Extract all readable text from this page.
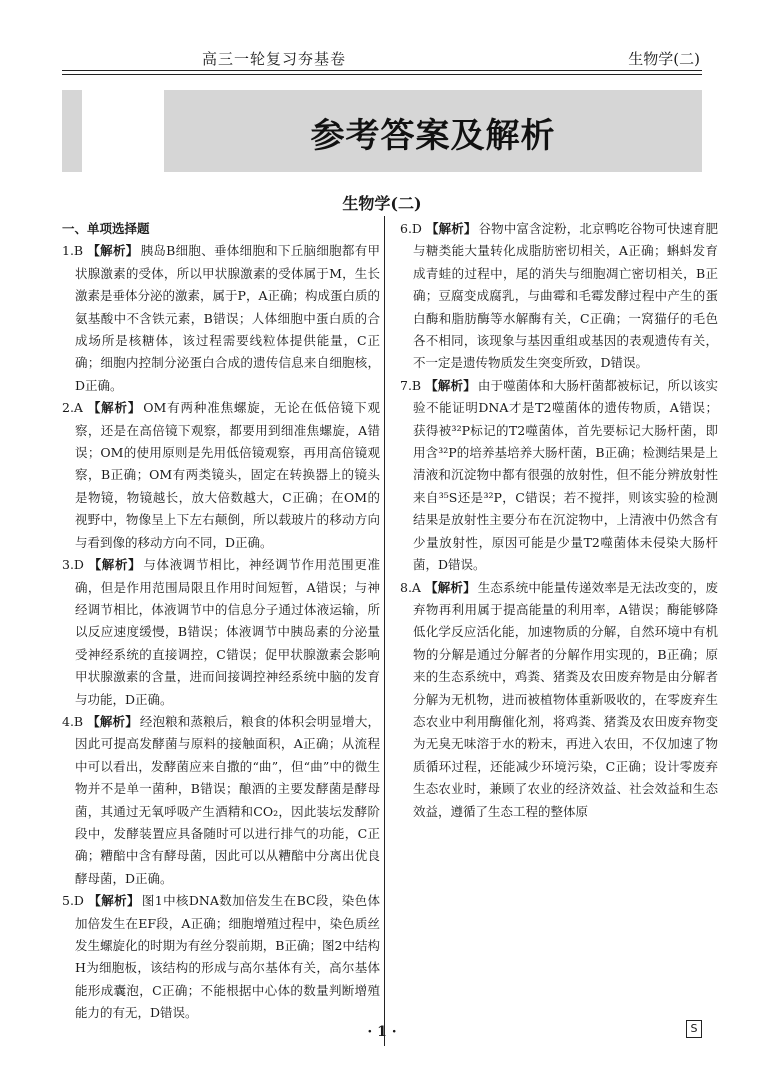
高三一轮复习夯基卷	生物学(二)
参考答案及解析
生物学(二)
一、单项选择题

1.B 【解析】 胰岛B细胞、垂体细胞和下丘脑细胞都有甲状腺激素的受体，所以甲状腺激素的受体属于M，生长激素是垂体分泌的激素，属于P，A正确；构成蛋白质的氨基酸中不含铁元素，B错误；人体细胞中蛋白质的合成场所是核糖体，该过程需要线粒体提供能量，C正确；细胞内控制分泌蛋白合成的遗传信息来自细胞核，D正确。

2.A 【解析】 OM有两种准焦螺旋，无论在低倍镜下观察，还是在高倍镜下观察，都要用到细准焦螺旋，A错误；OM的使用原则是先用低倍镜观察，再用高倍镜观察，B正确；OM有两类镜头，固定在转换器上的镜头是物镜，物镜越长，放大倍数越大，C正确；在OM的视野中，物像呈上下左右颠倒，所以载玻片的移动方向与看到像的移动方向不同，D正确。

3.D 【解析】 与体液调节相比，神经调节作用范围更准确，但是作用范围局限且作用时间短暂，A错误；与神经调节相比，体液调节中的信息分子通过体液运输，所以反应速度缓慢，B错误；体液调节中胰岛素的分泌量受神经系统的直接调控，C错误；促甲状腺激素会影响甲状腺激素的含量，进而间接调控神经系统中脑的发育与功能，D正确。

4.B 【解析】 经泡粮和蒸粮后，粮食的体积会明显增大，因此可提高发酵菌与原料的接触面积，A正确；从流程中可以看出，发酵菌应来自撒的“曲”，但“曲”中的微生物并不是单一菌种，B错误；酿酒的主要发酵菌是酵母菌，其通过无氧呼吸产生酒精和CO₂，因此装坛发酵阶段中，发酵装置应具备随时可以进行排气的功能，C正确；糟醅中含有酵母菌，因此可以从糟醅中分离出优良酵母菌，D正确。

5.D 【解析】 图1中核DNA数加倍发生在BC段，染色体加倍发生在EF段，A正确；细胞增殖过程中，染色质丝发生螺旋化的时期为有丝分裂前期，B正确；图2中结构H为细胞板，该结构的形成与高尔基体有关，高尔基体能形成囊泡，C正确；不能根据中心体的数量判断增殖能力的有无，D错误。

6.D 【解析】 谷物中富含淀粉，北京鸭吃谷物可快速育肥与糖类能大量转化成脂肪密切相关，A正确；蝌蚪发育成青蛙的过程中，尾的消失与细胞凋亡密切相关，B正确；豆腐变成腐乳，与曲霉和毛霉发酵过程中产生的蛋白酶和脂肪酶等水解酶有关，C正确；一窝猫仔的毛色各不相同，该现象与基因重组或基因的表观遗传有关，不一定是遗传物质发生突变所致，D错误。

7.B 【解析】 由于噬菌体和大肠杆菌都被标记，所以该实验不能证明DNA才是T2噬菌体的遗传物质，A错误；获得被³²P标记的T2噬菌体，首先要标记大肠杆菌，即用含³²P的培养基培养大肠杆菌，B正确；检测结果是上清液和沉淀物中都有很强的放射性，但不能分辨放射性来自³⁵S还是³²P，C错误；若不搅拌，则该实验的检测结果是放射性主要分布在沉淀物中，上清液中仍然含有少量放射性，原因可能是少量T2噬菌体未侵染大肠杆菌，D错误。

8.A 【解析】 生态系统中能量传递效率是无法改变的，废弃物再利用属于提高能量的利用率，A错误；酶能够降低化学反应活化能，加速物质的分解，自然环境中有机物的分解是通过分解者的分解作用实现的，B正确；原来的生态系统中，鸡粪、猪粪及农田废弃物是由分解者分解为无机物，进而被植物体重新吸收的，在零废弃生态农业中利用酶催化剂，将鸡粪、猪粪及农田废弃物变为无臭无味溶于水的粉末，再进入农田，不仅加速了物质循环过程，还能减少环境污染，C正确；设计零废弃生态农业时，兼顾了农业的经济效益、社会效益和生态效益，遵循了生态工程的整体原

· 1 ·	S
